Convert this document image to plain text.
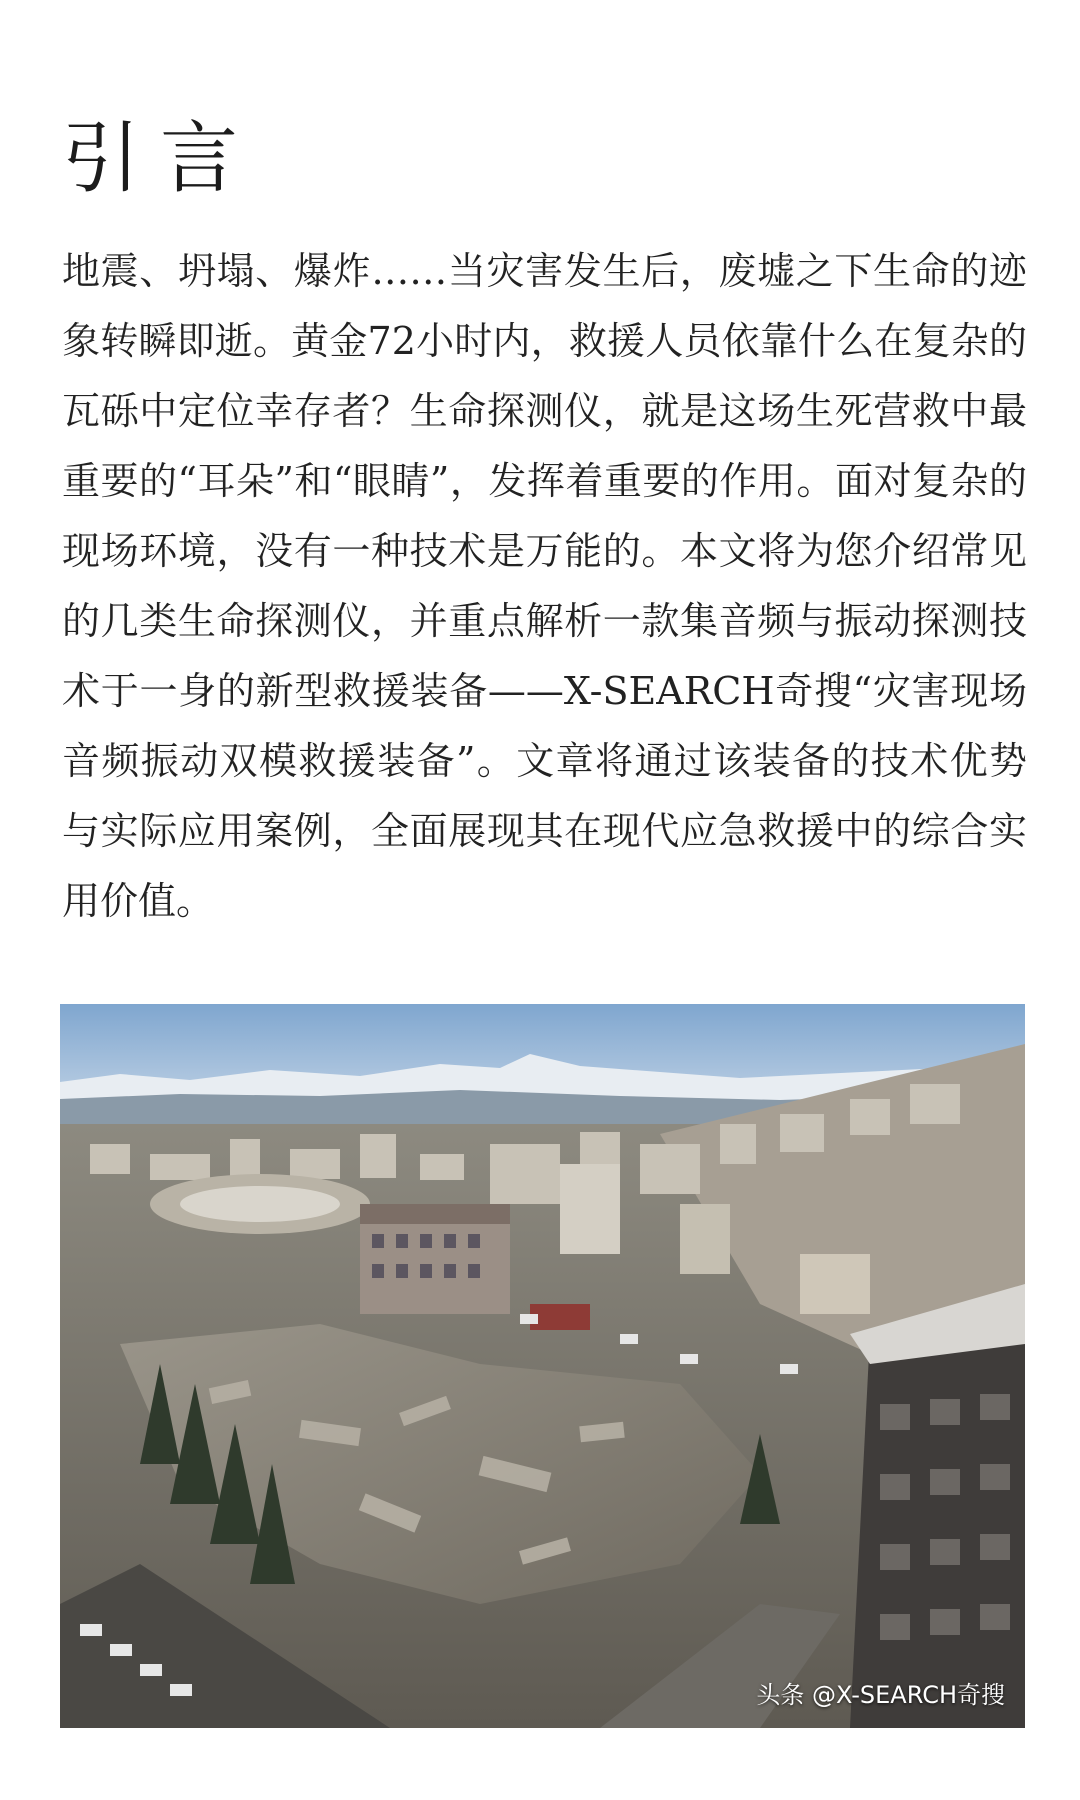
引言

地震、坍塌、爆炸……当灾害发生后，废墟之下生命的迹象转瞬即逝。黄金72小时内，救援人员依靠什么在复杂的瓦砾中定位幸存者？生命探测仪，就是这场生死营救中最重要的“耳朵”和“眼睛”，发挥着重要的作用。面对复杂的现场环境，没有一种技术是万能的。本文将为您介绍常见的几类生命探测仪，并重点解析一款集音频与振动探测技术于一身的新型救援装备——X-SEARCH奇搜“灾害现场音频振动双模救援装备”。文章将通过该装备的技术优势与实际应用案例，全面展现其在现代应急救援中的综合实用价值。

头条 @X-SEARCH奇搜
